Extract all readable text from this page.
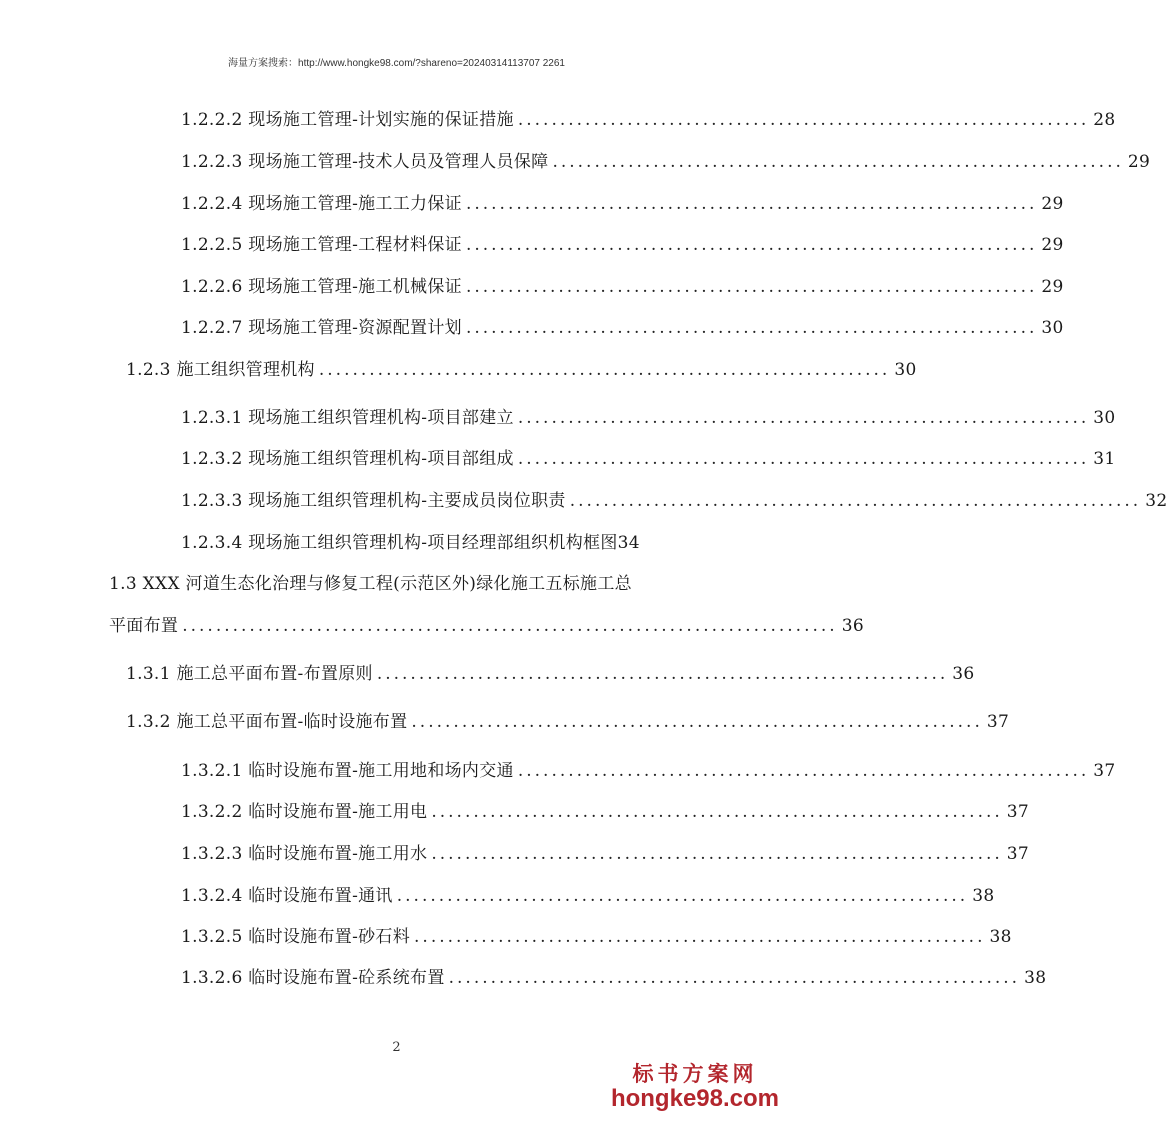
海量方案搜索：http://www.hongke98.com/?shareno=20240314113707 2261
1.2.2.2 现场施工管理-计划实施的保证措施 .................................................................... 28
1.2.2.3 现场施工管理-技术人员及管理人员保障 .................................................................... 29
1.2.2.4 现场施工管理-施工工力保证 .................................................................... 29
1.2.2.5 现场施工管理-工程材料保证 .................................................................... 29
1.2.2.6 现场施工管理-施工机械保证 .................................................................... 29
1.2.2.7 现场施工管理-资源配置计划 .................................................................... 30
1.2.3 施工组织管理机构 .................................................................... 30
1.2.3.1 现场施工组织管理机构-项目部建立 .................................................................... 30
1.2.3.2 现场施工组织管理机构-项目部组成 .................................................................... 31
1.2.3.3 现场施工组织管理机构-主要成员岗位职责 .................................................................... 32
1.2.3.4 现场施工组织管理机构-项目经理部组织机构框图34
1.3 XXX 河道生态化治理与修复工程(示范区外)绿化施工五标施工总
平面布置 .............................................................................. 36
1.3.1 施工总平面布置-布置原则 .................................................................... 36
1.3.2 施工总平面布置-临时设施布置 .................................................................... 37
1.3.2.1 临时设施布置-施工用地和场内交通 .................................................................... 37
1.3.2.2 临时设施布置-施工用电 .................................................................... 37
1.3.2.3 临时设施布置-施工用水 .................................................................... 37
1.3.2.4 临时设施布置-通讯 .................................................................... 38
1.3.2.5 临时设施布置-砂石料 .................................................................... 38
1.3.2.6 临时设施布置-砼系统布置 .................................................................... 38
2
标书方案网
hongke98.com
